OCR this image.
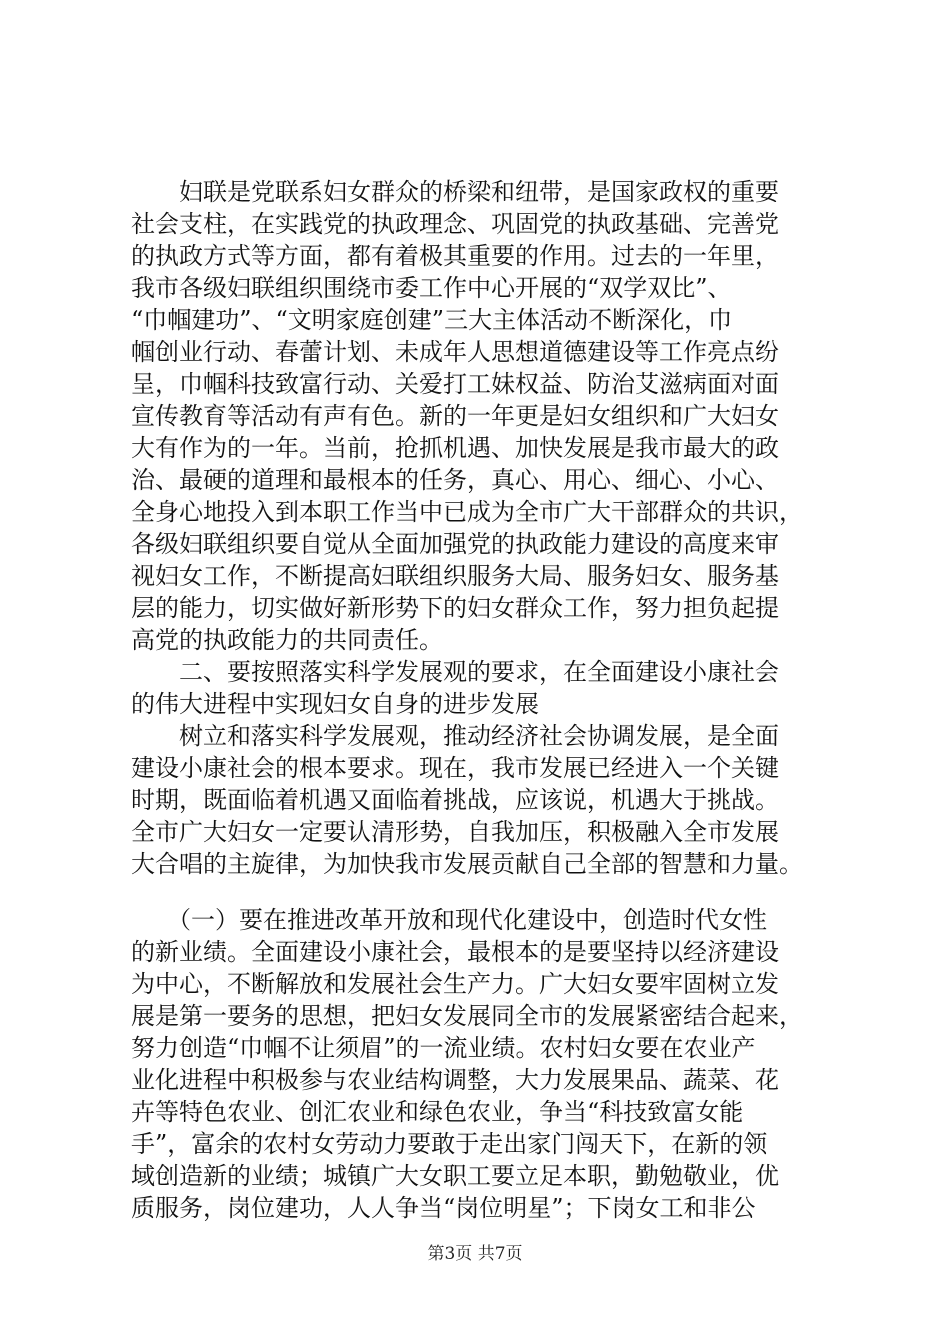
　　妇联是党联系妇女群众的桥梁和纽带，是国家政权的重要
社会支柱，在实践党的执政理念、巩固党的执政基础、完善党
的执政方式等方面，都有着极其重要的作用。过去的一年里，
我市各级妇联组织围绕市委工作中心开展的“双学双比”、
“巾帼建功”、“文明家庭创建”三大主体活动不断深化，巾
帼创业行动、春蕾计划、未成年人思想道德建设等工作亮点纷
呈，巾帼科技致富行动、关爱打工妹权益、防治艾滋病面对面
宣传教育等活动有声有色。新的一年更是妇女组织和广大妇女
大有作为的一年。当前，抢抓机遇、加快发展是我市最大的政
治、最硬的道理和最根本的任务，真心、用心、细心、小心、
全身心地投入到本职工作当中已成为全市广大干部群众的共识，
各级妇联组织要自觉从全面加强党的执政能力建设的高度来审
视妇女工作，不断提高妇联组织服务大局、服务妇女、服务基
层的能力，切实做好新形势下的妇女群众工作，努力担负起提
高党的执政能力的共同责任。
　　二、要按照落实科学发展观的要求，在全面建设小康社会
的伟大进程中实现妇女自身的进步发展
　　树立和落实科学发展观，推动经济社会协调发展，是全面
建设小康社会的根本要求。现在，我市发展已经进入一个关键
时期，既面临着机遇又面临着挑战，应该说，机遇大于挑战。
全市广大妇女一定要认清形势，自我加压，积极融入全市发展
大合唱的主旋律，为加快我市发展贡献自己全部的智慧和力量。
　　（一）要在推进改革开放和现代化建设中，创造时代女性
的新业绩。全面建设小康社会，最根本的是要坚持以经济建设
为中心，不断解放和发展社会生产力。广大妇女要牢固树立发
展是第一要务的思想，把妇女发展同全市的发展紧密结合起来，
努力创造“巾帼不让须眉”的一流业绩。农村妇女要在农业产
业化进程中积极参与农业结构调整，大力发展果品、蔬菜、花
卉等特色农业、创汇农业和绿色农业，争当“科技致富女能
手”，富余的农村女劳动力要敢于走出家门闯天下，在新的领
域创造新的业绩；城镇广大女职工要立足本职，勤勉敬业，优
质服务，岗位建功，人人争当“岗位明星”；下岗女工和非公
第3页 共7页
